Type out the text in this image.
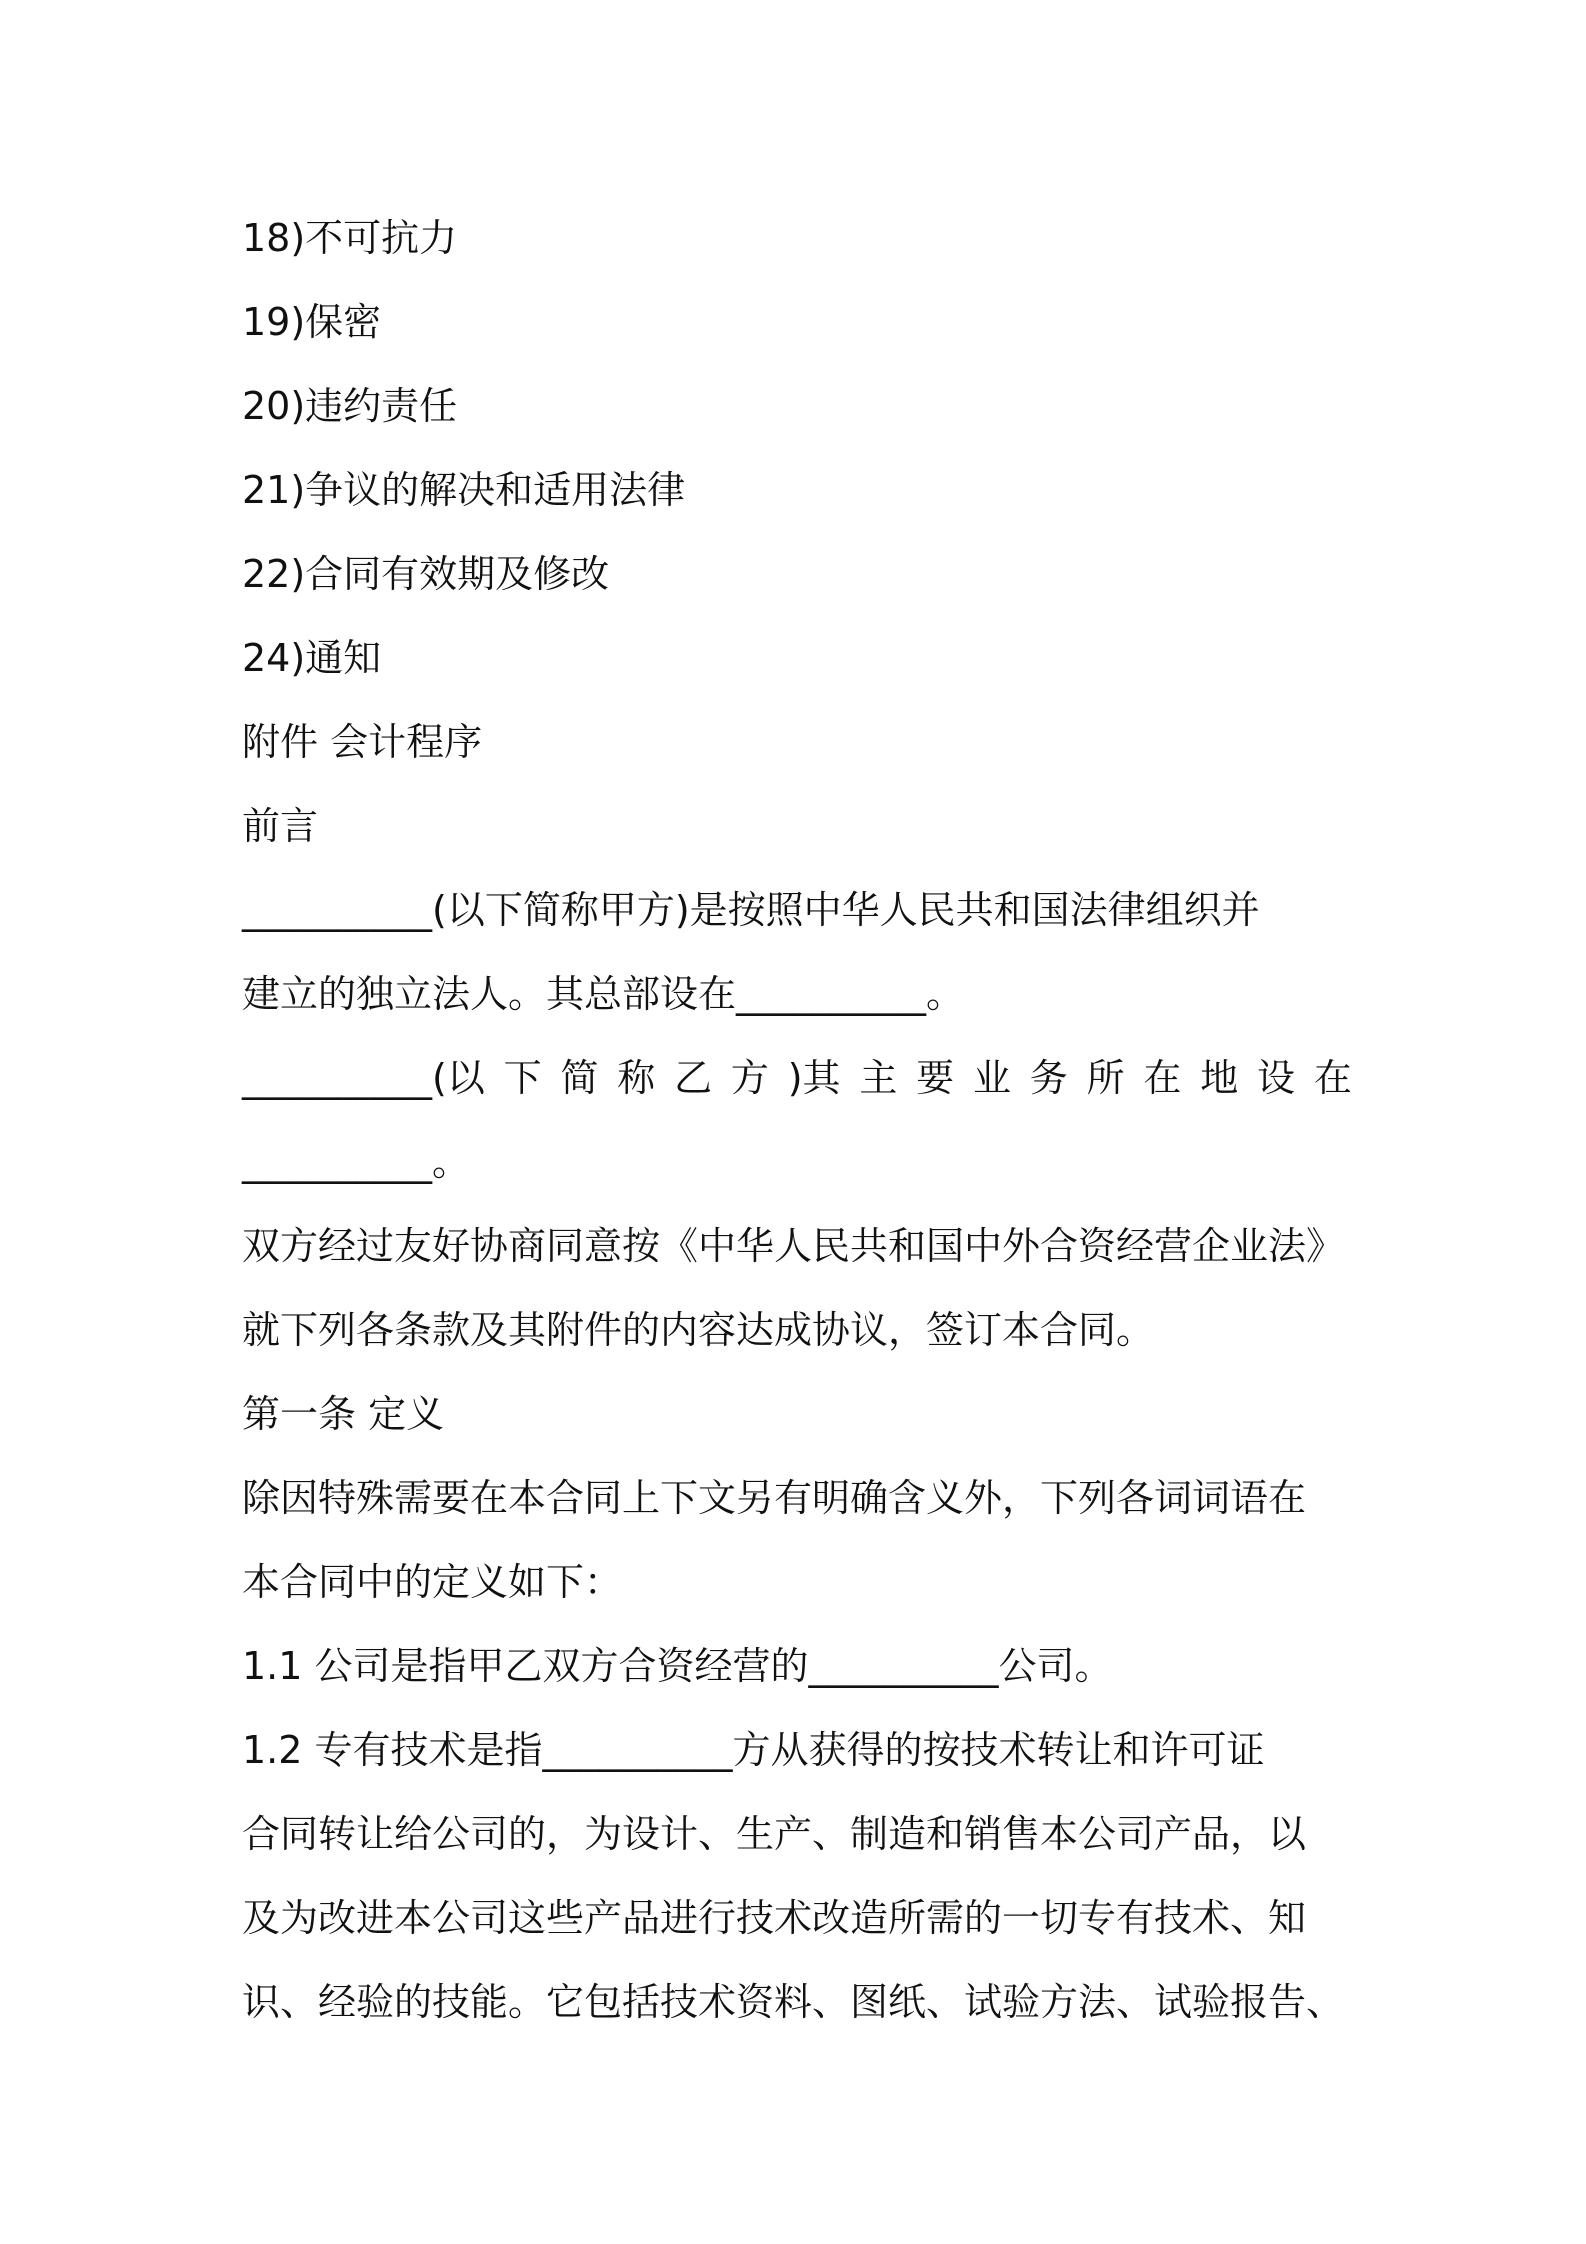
18)不可抗力
19)保密
20)违约责任
21)争议的解决和适用法律
22)合同有效期及修改
24)通知
附件 会计程序
前言
__________(以下简称甲方)是按照中华人民共和国法律组织并
建立的独立法人。其总部设在__________。
__________(以 下 简 称 乙 方 )其 主 要 业 务 所 在 地 设 在
__________。
双方经过友好协商同意按《中华人民共和国中外合资经营企业法》
就下列各条款及其附件的内容达成协议，签订本合同。
第一条 定义
除因特殊需要在本合同上下文另有明确含义外，下列各词词语在
本合同中的定义如下：
1.1 公司是指甲乙双方合资经营的__________公司。
1.2 专有技术是指__________方从获得的按技术转让和许可证
合同转让给公司的，为设计、生产、制造和销售本公司产品，以
及为改进本公司这些产品进行技术改造所需的一切专有技术、知
识、经验的技能。它包括技术资料、图纸、试验方法、试验报告、
